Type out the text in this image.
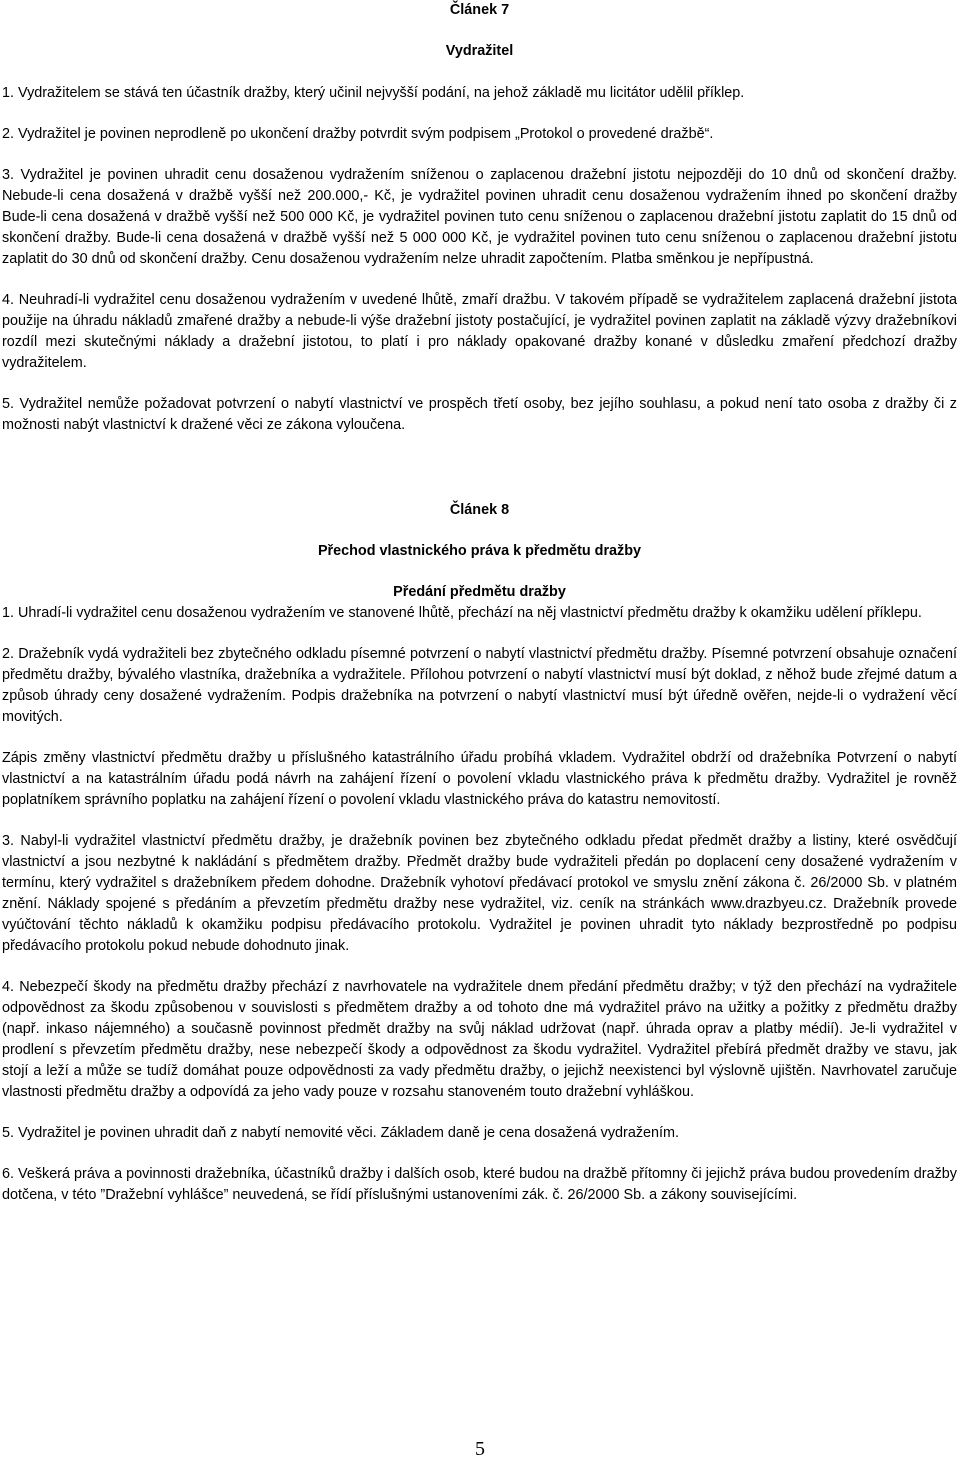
Článek 7

Vydražitel

1. Vydražitelem se stává ten účastník dražby, který učinil nejvyšší podání, na jehož základě mu licitátor udělil příklep.

2. Vydražitel je povinen neprodleně po ukončení dražby potvrdit svým podpisem „Protokol o provedené dražbě“.

3. Vydražitel je povinen uhradit cenu dosaženou vydražením sníženou o zaplacenou dražební jistotu nejpozději do 10 dnů od skončení dražby. Nebude-li cena dosažená v dražbě vyšší než 200.000,- Kč, je vydražitel povinen uhradit cenu dosaženou vydražením ihned po skončení dražby Bude-li cena dosažená v dražbě vyšší než 500 000 Kč, je vydražitel povinen tuto cenu sníženou o zaplacenou dražební jistotu zaplatit do 15 dnů od skončení dražby. Bude-li cena dosažená v dražbě vyšší než 5 000 000 Kč, je vydražitel povinen tuto cenu sníženou o zaplacenou dražební jistotu zaplatit do 30 dnů od skončení dražby. Cenu dosaženou vydražením nelze uhradit započtením. Platba směnkou je nepřípustná.

4. Neuhradí-li vydražitel cenu dosaženou vydražením v uvedené lhůtě, zmaří dražbu. V takovém případě se vydražitelem zaplacená dražební jistota použije na úhradu nákladů zmařené dražby a nebude-li výše dražební jistoty postačující, je vydražitel povinen zaplatit na základě výzvy dražebníkovi rozdíl mezi skutečnými náklady a dražební jistotou, to platí i pro náklady opakované dražby konané v důsledku zmaření předchozí dražby vydražitelem.

5. Vydražitel nemůže požadovat potvrzení o nabytí vlastnictví ve prospěch třetí osoby, bez jejího souhlasu, a pokud není tato osoba z dražby či z možnosti nabýt vlastnictví k dražené věci ze zákona vyloučena.

Článek 8

Přechod vlastnického práva k předmětu dražby

Předání předmětu dražby

1. Uhradí-li vydražitel cenu dosaženou vydražením ve stanovené lhůtě, přechází na něj vlastnictví předmětu dražby k okamžiku udělení příklepu.

2. Dražebník vydá vydražiteli bez zbytečného odkladu písemné potvrzení o nabytí vlastnictví předmětu dražby. Písemné potvrzení obsahuje označení předmětu dražby, bývalého vlastníka, dražebníka a vydražitele. Přílohou potvrzení o nabytí vlastnictví musí být doklad, z něhož bude zřejmé datum a způsob úhrady ceny dosažené vydražením. Podpis dražebníka na potvrzení o nabytí vlastnictví musí být úředně ověřen, nejde-li o vydražení věcí movitých.

Zápis změny vlastnictví předmětu dražby u příslušného katastrálního úřadu probíhá vkladem. Vydražitel obdrží od dražebníka Potvrzení o nabytí vlastnictví a na katastrálním úřadu podá návrh na zahájení řízení o povolení vkladu vlastnického práva k předmětu dražby. Vydražitel je rovněž poplatníkem správního poplatku na zahájení řízení o povolení vkladu vlastnického práva do katastru nemovitostí.

3. Nabyl-li vydražitel vlastnictví předmětu dražby, je dražebník povinen bez zbytečného odkladu předat předmět dražby a listiny, které osvědčují vlastnictví a jsou nezbytné k nakládání s předmětem dražby. Předmět dražby bude vydražiteli předán po doplacení ceny dosažené vydražením v termínu, který vydražitel s dražebníkem předem dohodne. Dražebník vyhotoví předávací protokol ve smyslu znění zákona č. 26/2000 Sb. v platném znění. Náklady spojené s předáním a převzetím předmětu dražby nese vydražitel, viz. ceník na stránkách www.drazbyeu.cz. Dražebník provede vyúčtování těchto nákladů k okamžiku podpisu předávacího protokolu. Vydražitel je povinen uhradit tyto náklady bezprostředně po podpisu předávacího protokolu pokud nebude dohodnuto jinak.

4. Nebezpečí škody na předmětu dražby přechází z navrhovatele na vydražitele dnem předání předmětu dražby; v týž den přechází na vydražitele odpovědnost za škodu způsobenou v souvislosti s předmětem dražby a od tohoto dne má vydražitel právo na užitky a požitky z předmětu dražby (např. inkaso nájemného) a současně povinnost předmět dražby na svůj náklad udržovat (např. úhrada oprav a platby médií). Je-li vydražitel v prodlení s převzetím předmětu dražby, nese nebezpečí škody a odpovědnost za škodu vydražitel. Vydražitel přebírá předmět dražby ve stavu, jak stojí a leží a může se tudíž domáhat pouze odpovědnosti za vady předmětu dražby, o jejichž neexistenci byl výslovně ujištěn. Navrhovatel zaručuje vlastnosti předmětu dražby a odpovídá za jeho vady pouze v rozsahu stanoveném touto dražební vyhláškou.

5. Vydražitel je povinen uhradit daň z nabytí nemovité věci. Základem daně je cena dosažená vydražením.

6. Veškerá práva a povinnosti dražebníka, účastníků dražby i dalších osob, které budou na dražbě přítomny či jejichž práva budou provedením dražby dotčena, v této ”Dražební vyhlášce” neuvedená, se řídí příslušnými ustanoveními zák. č. 26/2000 Sb. a zákony souvisejícími.

5
